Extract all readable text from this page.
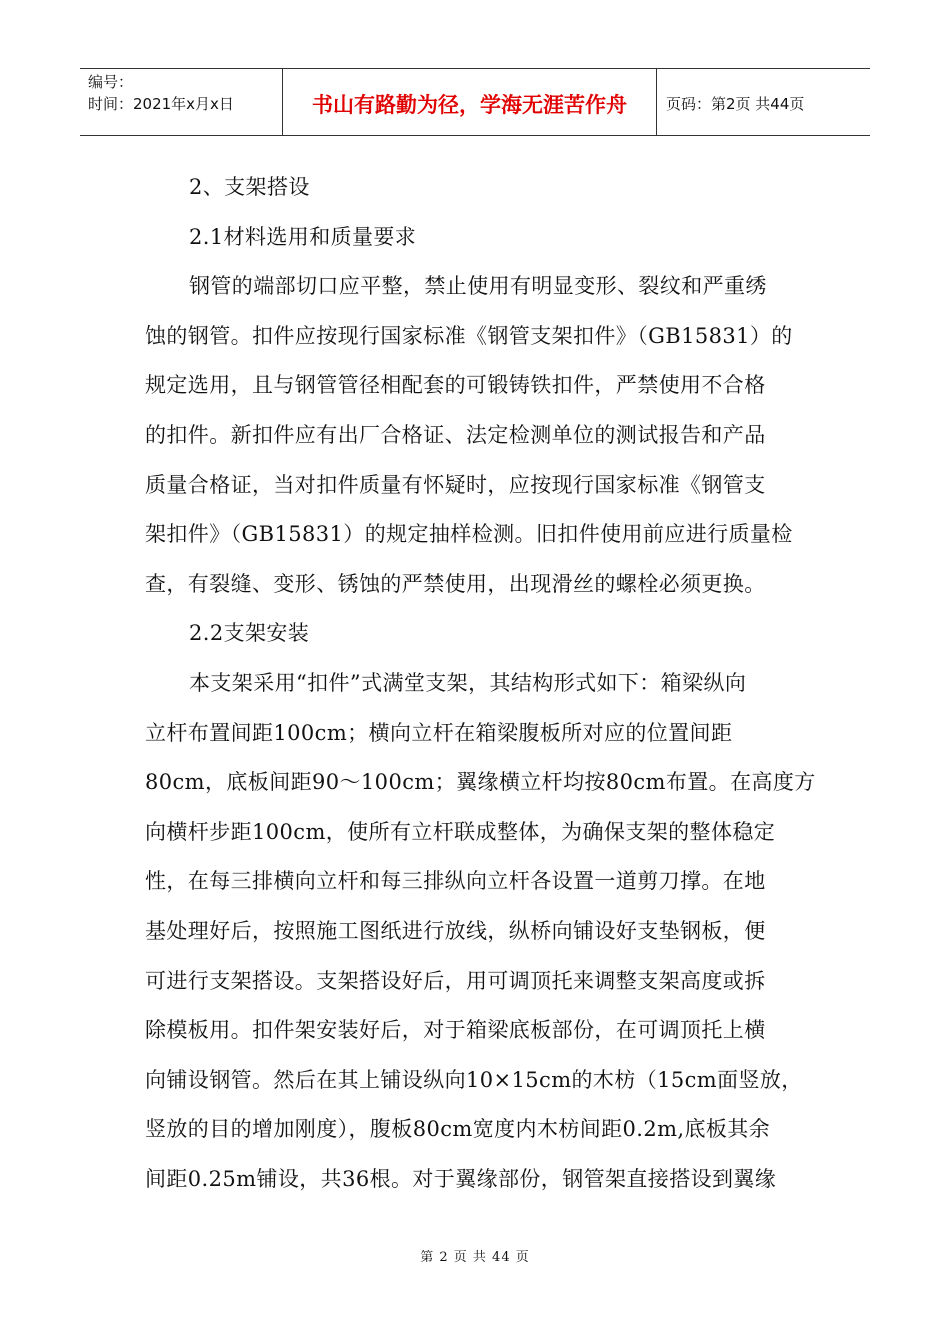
编号：
时间：2021年x月x日	书山有路勤为径，学海无涯苦作舟	页码：第2页 共44页
2、支架搭设
2.1材料选用和质量要求
钢管的端部切口应平整，禁止使用有明显变形、裂纹和严重绣
蚀的钢管。扣件应按现行国家标准《钢管支架扣件》（GB15831）的
规定选用，且与钢管管径相配套的可锻铸铁扣件，严禁使用不合格
的扣件。新扣件应有出厂合格证、法定检测单位的测试报告和产品
质量合格证，当对扣件质量有怀疑时，应按现行国家标准《钢管支
架扣件》（GB15831）的规定抽样检测。旧扣件使用前应进行质量检
查，有裂缝、变形、锈蚀的严禁使用，出现滑丝的螺栓必须更换。
2.2支架安装
本支架采用“扣件”式满堂支架，其结构形式如下：箱梁纵向
立杆布置间距100cm；横向立杆在箱梁腹板所对应的位置间距
80cm，底板间距90～100cm；翼缘横立杆均按80cm布置。在高度方
向横杆步距100cm，使所有立杆联成整体，为确保支架的整体稳定
性，在每三排横向立杆和每三排纵向立杆各设置一道剪刀撑。在地
基处理好后，按照施工图纸进行放线，纵桥向铺设好支垫钢板，便
可进行支架搭设。支架搭设好后，用可调顶托来调整支架高度或拆
除模板用。扣件架安装好后，对于箱梁底板部份，在可调顶托上横
向铺设钢管。然后在其上铺设纵向10×15cm的木枋（15cm面竖放，
竖放的目的增加刚度），腹板80cm宽度内木枋间距0.2m,底板其余
间距0.25m铺设，共36根。对于翼缘部份，钢管架直接搭设到翼缘
第 2 页 共 44 页
